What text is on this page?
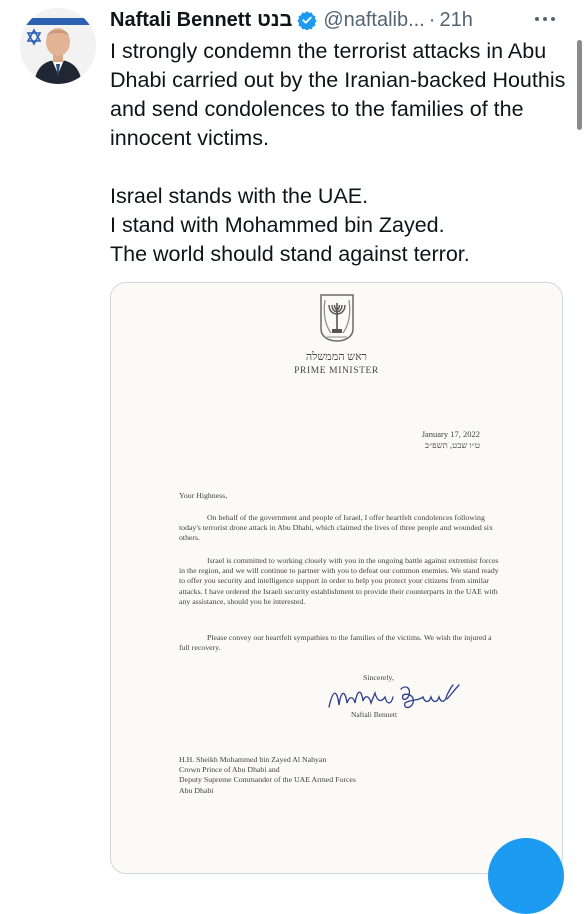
Naftali Bennett בנט @naftalib... · 21h

I strongly condemn the terrorist attacks in Abu Dhabi carried out by the Iranian-backed Houthis and send condolences to the families of the innocent victims.

Israel stands with the UAE.

I stand with Mohammed bin Zayed.

The world should stand against terror.

ראש הממשלה
PRIME MINISTER
January 17, 2022
ט״ו שבט, תשפ״ב
Your Highness,
On behalf of the government and people of Israel, I offer heartfelt condolences following today's terrorist drone attack in Abu Dhabi, which claimed the lives of three people and wounded six others.
Israel is committed to working closely with you in the ongoing battle against extremist forces in the region, and we will continue to partner with you to defeat our common enemies. We stand ready to offer you security and intelligence support in order to help you protect your citizens from similar attacks. I have ordered the Israeli security establishment to provide their counterparts in the UAE with any assistance, should you be interested.
Please convey our heartfelt sympathies to the families of the victims. We wish the injured a full recovery.
Sincerely,
Naftali Bennett
H.H. Sheikh Mohammed bin Zayed Al Nahyan
Crown Prince of Abu Dhabi and
Deputy Supreme Commander of the UAE Armed Forces
Abu Dhabi
